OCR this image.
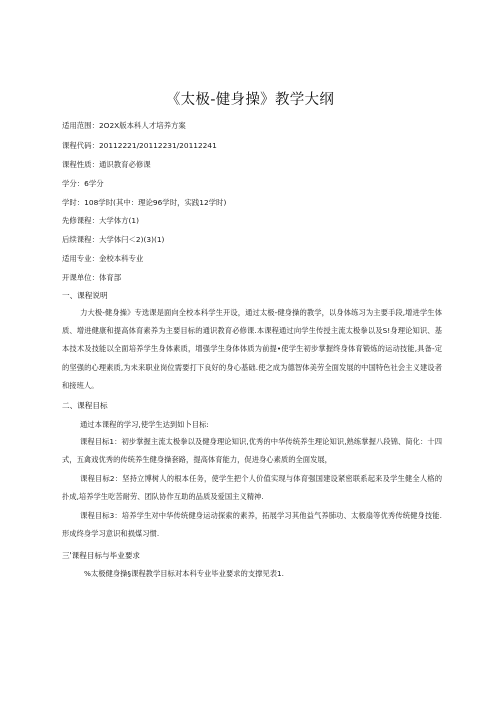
《太极-健身操》教学大纲
适用范围：2O2X版本科人才培养方案
课程代码：20112221/20112231/20112241
课程性质：通识教育必修课
学分：6学分
学时：108学时(其中：理论96学时，实践12学时)
先修课程：大学体方(1)
后续课程：大学体闩＜2)(3)(1)
适用专业：金校本科专业
开课单位：体育部
一、课程说明

力大极-健身操》专选课是面向全校本科学生开设，通过太极-健身操的教学，以身体练习为主要手段,增进学生体质、增进健康和提高体育素养为主要目标的通识教育必修课.本课程通过向学生传授主流太极拳以及S!身理论知识、基本技术及技能以全面培养学生身体素质，增强学生身体体质为前提•使学生初步掌握终身体育锻炼的运动技能,具备-定的坚强的心理素质,为未来职业岗位需要打下良好的身心基础.使之成为德智体美劳全面发展的中国特色社会主义建设者和接班人。

二、课程目标
通过本课程的学习,使学生达到如卜目标:

课程目标1：初步掌握主流太极拳以及健身理论知识,优秀的中华传统养生理论知识,熟练掌握八段锦、简化：十四式，五禽戏优秀的传统养生健身操套路，提高体育能力，促进身心素质的全面发展，

课程目标2：坚持立博树人的根本任务，使学生把个人价值实现与体育强国建设紧密联系起来及学生健全人格的扑成,培养学生吃苦耐劳、团队协作互助的品质及爱国主义精神.

课程目标3：培养学生对中华传统健身运动探索的素养，拓展学习其他益气养肺功、太极扇等优秀传统健身技能.形成终身学习意识和损煤习惯.

三'课程目标与毕业要求
%太极健身操§课程教学目标对本科专业毕业要求的支撑见表1.
